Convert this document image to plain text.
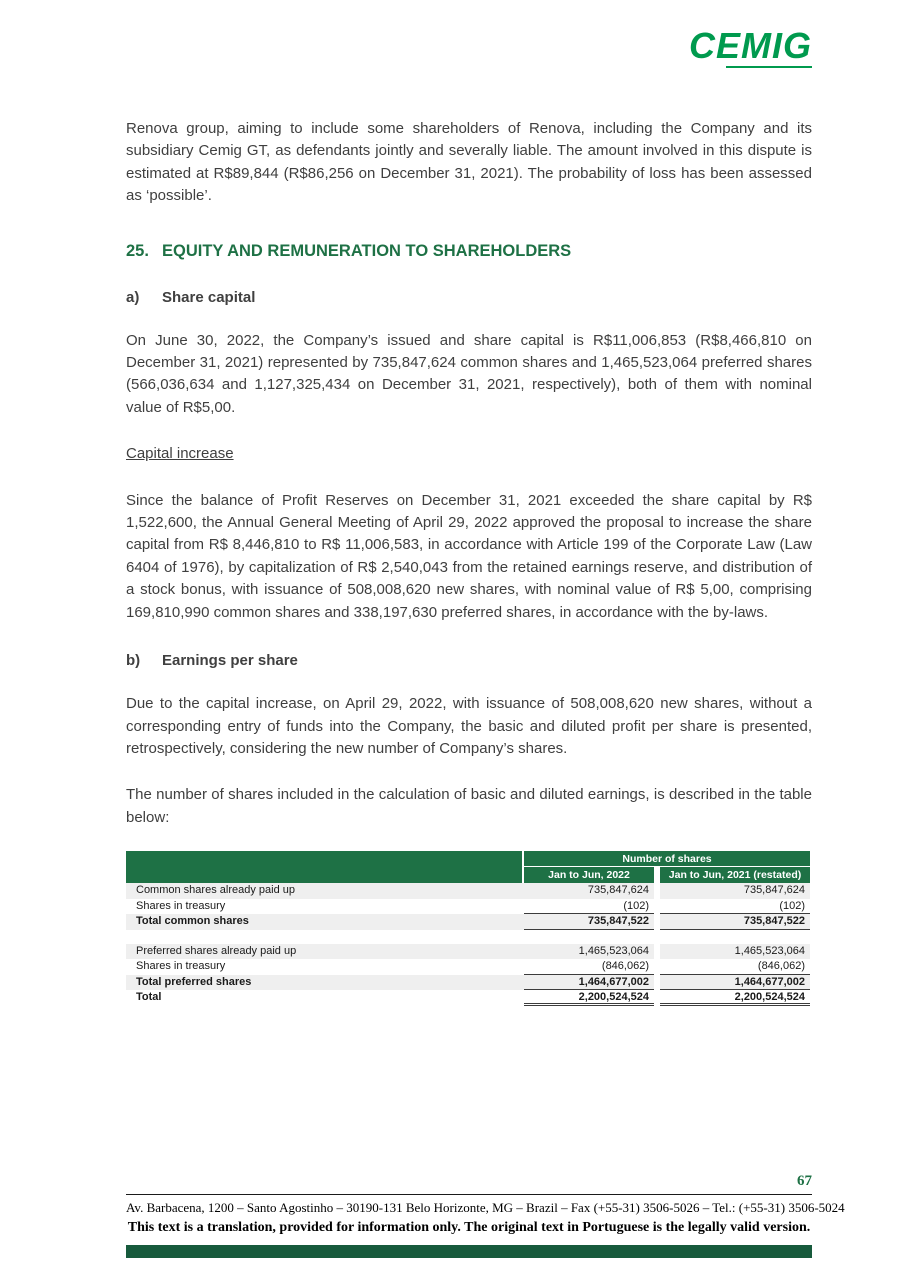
CEMIG

Renova group, aiming to include some shareholders of Renova, including the Company and its subsidiary Cemig GT, as defendants jointly and severally liable. The amount involved in this dispute is estimated at R$89,844 (R$86,256 on December 31, 2021). The probability of loss has been assessed as ‘possible’.

25. EQUITY AND REMUNERATION TO SHAREHOLDERS
a)	Share capital

On June 30, 2022, the Company’s issued and share capital is R$11,006,853 (R$8,466,810 on December 31, 2021) represented by 735,847,624 common shares and 1,465,523,064 preferred shares (566,036,634 and 1,127,325,434 on December 31, 2021, respectively), both of them with nominal value of R$5,00.

Capital increase

Since the balance of Profit Reserves on December 31, 2021 exceeded the share capital by R$ 1,522,600, the Annual General Meeting of April 29, 2022 approved the proposal to increase the share capital from R$ 8,446,810 to R$ 11,006,583, in accordance with Article 199 of the Corporate Law (Law 6404 of 1976), by capitalization of R$ 2,540,043 from the retained earnings reserve, and distribution of a stock bonus, with issuance of 508,008,620 new shares, with nominal value of R$ 5,00, comprising 169,810,990 common shares and 338,197,630 preferred shares, in accordance with the by-laws.

b)	Earnings per share

Due to the capital increase, on April 29, 2022, with issuance of 508,008,620 new shares, without a corresponding entry of funds into the Company, the basic and diluted profit per share is presented, retrospectively, considering the new number of Company’s shares.

The number of shares included in the calculation of basic and diluted earnings, is described in the table below:

Number of shares
Jan to Jun, 2022	Jan to Jun, 2021 (restated)
Common shares already paid up	735,847,624	735,847,624
Shares in treasury	(102)	(102)
Total common shares	735,847,522	735,847,522
Preferred shares already paid up	1,465,523,064	1,465,523,064
Shares in treasury	(846,062)	(846,062)
Total preferred shares	1,464,677,002	1,464,677,002
Total	2,200,524,524	2,200,524,524
67
Av. Barbacena, 1200 – Santo Agostinho – 30190-131 Belo Horizonte, MG – Brazil – Fax (+55-31) 3506-5026 – Tel.: (+55-31) 3506-5024
This text is a translation, provided for information only. The original text in Portuguese is the legally valid version.
